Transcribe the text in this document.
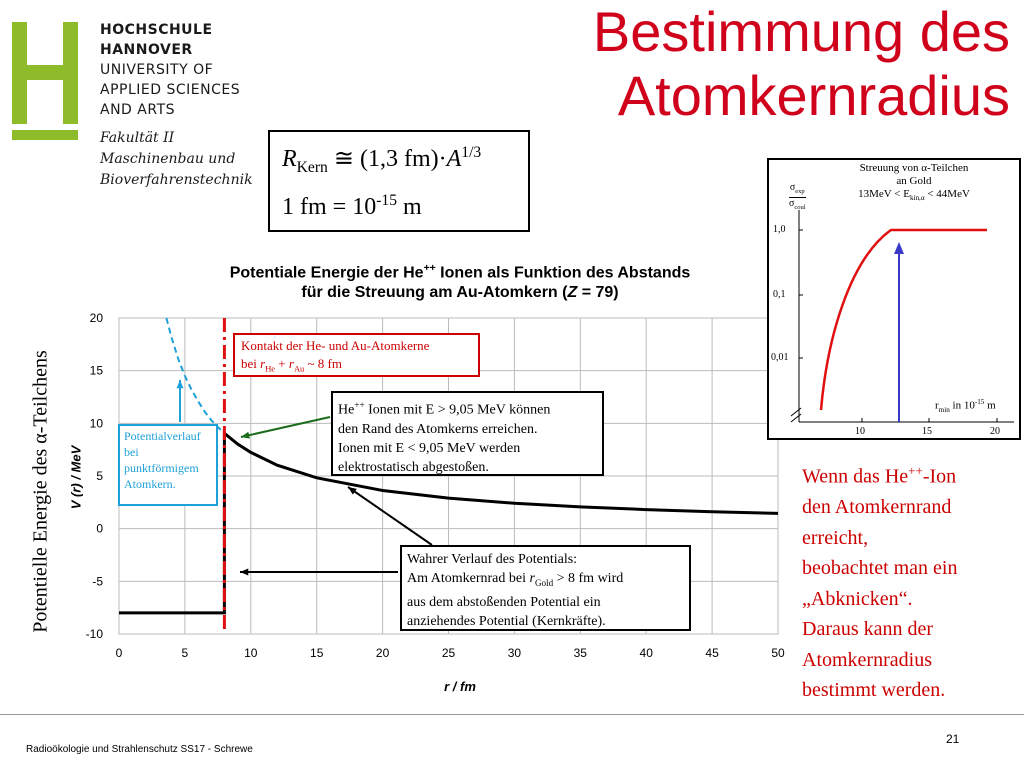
HOCHSCHULE
HANNOVER
UNIVERSITY OF
APPLIED SCIENCES
AND ARTS
Fakultät II
Maschinenbau und
Bioverfahrenstechnik
Bestimmung des
Atomkernradius
$R_{Kern}$ ≅ (1,3 $fm)\cdot A^{1/3}$
1 fm = $10^{-15}$ m
Potentielle Energie des α-Teilchens
Potentiale Energie der He++ Ionen als Funktion des Abstands
für die Streuung am Au-Atomkern (Z = 79)
20
15
10
5
0
-5
-10
0	5	10	15	20	25	30	35	40	45	50
V (r) / MeV
r / fm
Kontakt der He- und Au-Atomkerne
bei $r_{He} + r_{Au}$ ~ 8 fm
He++ Ionen mit E > 9,05 MeV können
den Rand des Atomkerns erreichen.
Ionen mit E < 9,05 MeV werden
elektrostatisch abgestoßen.
Potentialverlauf
bei
punktförmigem
Atomkern.
Wahrer Verlauf des Potentials:
Am Atomkernrad bei $r_{Gold} > 8$ fm wird
aus dem abstoßenden Potential ein
anziehendes Potential (Kernkräfte).
Streuung von α-Teilchen
an Gold
$13MeV < E_{kin,\alpha} < 44MeV$
$\sigma_{exp}$
$\sigma_{coul}$
1,0
0,1
0,01
10	15	20
$r_{min}$ in $10^{-15}$ m
Wenn das He++-Ion
den Atomkernrand
erreicht,
beobachtet man ein
„Abknicken“.
Daraus kann der
Atomkernradius
bestimmt werden.
Radioökologie und Strahlenschutz SS17 - Schrewe
21
